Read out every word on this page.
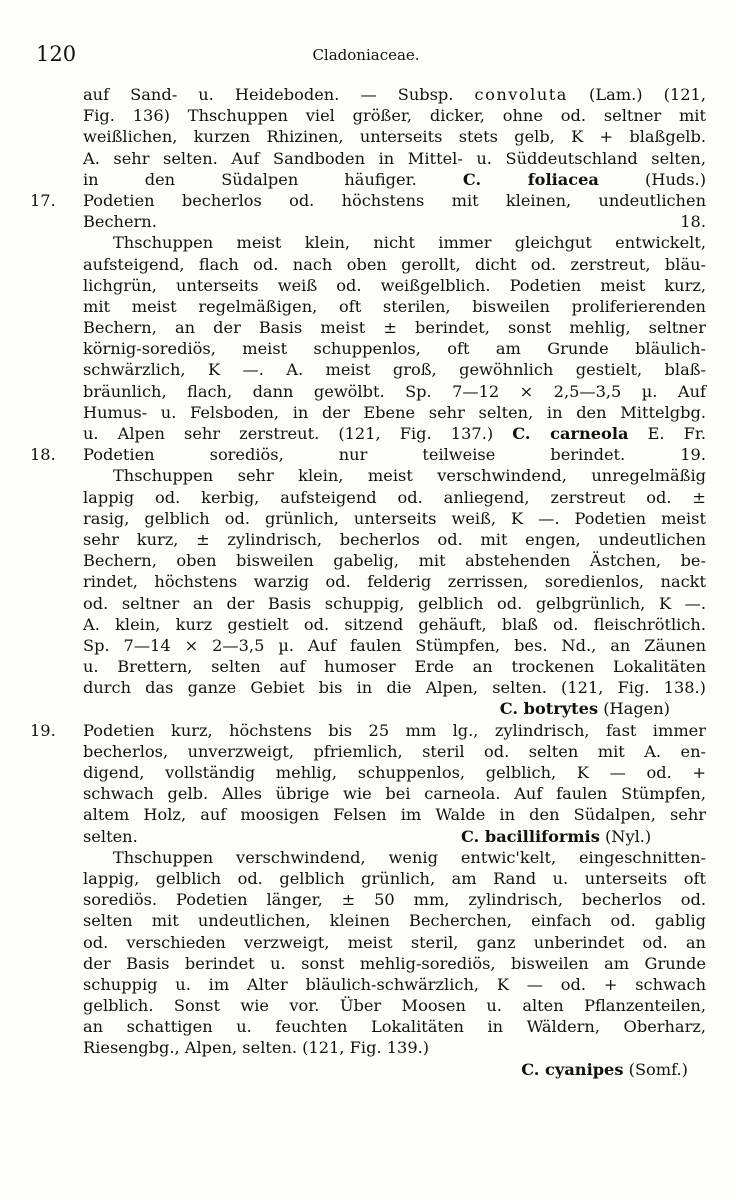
120	Cladoniaceae.
auf Sand- u. Heideboden. — Subsp. convoluta (Lam.) (121,
Fig. 136) Thschuppen viel größer, dicker, ohne od. seltner mit
weißlichen, kurzen Rhizinen, unterseits stets gelb, K + blaßgelb.
A. sehr selten. Auf Sandboden in Mittel- u. Süddeutschland selten,
in den Südalpen häufiger.	C. foliacea	(Huds.)
17. Podetien becherlos od. höchstens mit kleinen, undeutlichen
Bechern.	18.
Thschuppen meist klein, nicht immer gleichgut entwickelt,
aufsteigend, flach od. nach oben gerollt, dicht od. zerstreut, bläu-
lichgrün, unterseits weiß od. weißgelblich. Podetien meist kurz,
mit meist regelmäßigen, oft sterilen, bisweilen proliferierenden
Bechern, an der Basis meist ± berindet, sonst mehlig, seltner
körnig-sorediös, meist schuppenlos, oft am Grunde bläulich-
schwärzlich, K —. A. meist groß, gewöhnlich gestielt, blaß-
bräunlich, flach, dann gewölbt. Sp. 7—12 × 2,5—3,5 µ. Auf
Humus- u. Felsboden, in der Ebene sehr selten, in den Mittelgbg.
u. Alpen sehr zerstreut. (121, Fig. 137.) C. carneola E. Fr.
18. Podetien sorediös, nur teilweise berindet.	19.
Thschuppen sehr klein, meist verschwindend, unregelmäßig
lappig od. kerbig, aufsteigend od. anliegend, zerstreut od. ±
rasig, gelblich od. grünlich, unterseits weiß, K —. Podetien meist
sehr kurz, ± zylindrisch, becherlos od. mit engen, undeutlichen
Bechern, oben bisweilen gabelig, mit abstehenden Ästchen, be-
rindet, höchstens warzig od. felderig zerrissen, soredienlos, nackt
od. seltner an der Basis schuppig, gelblich od. gelbgrünlich, K —.
A. klein, kurz gestielt od. sitzend gehäuft, blaß od. fleischrötlich.
Sp. 7—14 × 2—3,5 µ. Auf faulen Stümpfen, bes. Nd., an Zäunen
u. Brettern, selten auf humoser Erde an trockenen Lokalitäten
durch das ganze Gebiet bis in die Alpen, selten. (121, Fig. 138.)
C. botrytes (Hagen)
19. Podetien kurz, höchstens bis 25 mm lg., zylindrisch, fast immer
becherlos, unverzweigt, pfriemlich, steril od. selten mit A. en-
digend, vollständig mehlig, schuppenlos, gelblich, K — od. +
schwach gelb. Alles übrige wie bei carneola. Auf faulen Stümpfen,
altem Holz, auf moosigen Felsen im Walde in den Südalpen, sehr
selten.	C. bacilliformis (Nyl.)
Thschuppen verschwindend, wenig entwic'kelt, eingeschnitten-
lappig, gelblich od. gelblich grünlich, am Rand u. unterseits oft
sorediös. Podetien länger, ± 50 mm, zylindrisch, becherlos od.
selten mit undeutlichen, kleinen Becherchen, einfach od. gablig
od. verschieden verzweigt, meist steril, ganz unberindet od. an
der Basis berindet u. sonst mehlig-sorediös, bisweilen am Grunde
schuppig u. im Alter bläulich-schwärzlich, K — od. + schwach
gelblich. Sonst wie vor. Über Moosen u. alten Pflanzenteilen,
an schattigen u. feuchten Lokalitäten in Wäldern, Oberharz,
Riesengbg., Alpen, selten. (121, Fig. 139.)
C. cyanipes (Somf.)
